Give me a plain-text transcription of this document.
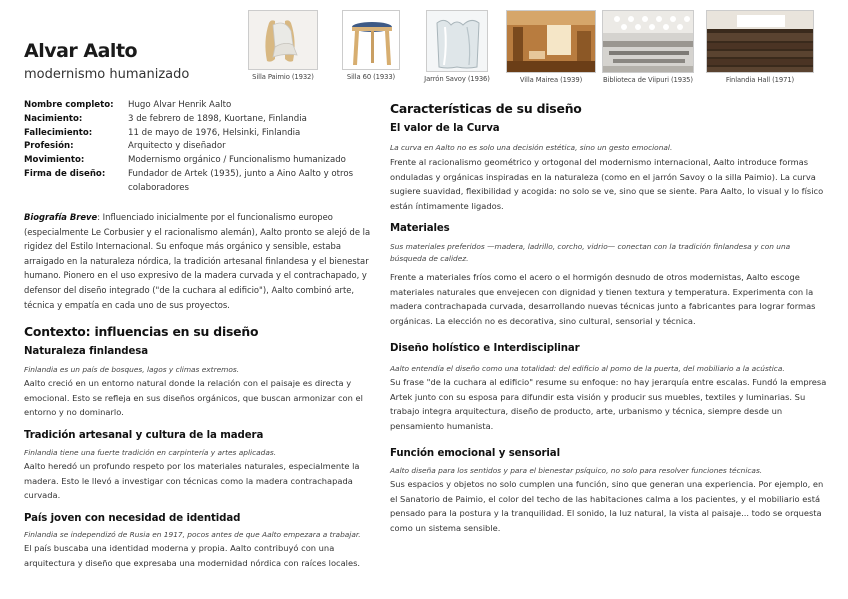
Alvar Aalto
modernismo humanizado	Silla Paimio (1932)	Silla 60 (1933)	Jarrón Savoy (1936)	Villa Mairea (1939)	Biblioteca de Viipuri (1935)	Finlandia Hall (1971)
Nombre completo:	Hugo Alvar Henrik Aalto
Nacimiento:	3 de febrero de 1898, Kuortane, Finlandia
Fallecimiento:	11 de mayo de 1976, Helsinki, Finlandia
Profesión:	Arquitecto y diseñador
Movimiento:	Modernismo orgánico / Funcionalismo humanizado
Firma de diseño:	Fundador de Artek (1935), junto a Aino Aalto y otros colaboradores
Biografía Breve: Influenciado inicialmente por el funcionalismo europeo (especialmente Le Corbusier y el racionalismo alemán), Aalto pronto se alejó de la rigidez del Estilo Internacional. Su enfoque más orgánico y sensible, estaba arraigado en la naturaleza nórdica, la tradición artesanal finlandesa y el bienestar humano. Pionero en el uso expresivo de la madera curvada y el contrachapado, y defensor del diseño integrado ("de la cuchara al edificio"), Aalto combinó arte, técnica y empatía en cada uno de sus proyectos.
Contexto: influencias en su diseño
Naturaleza finlandesa
Finlandia es un país de bosques, lagos y climas extremos.
Aalto creció en un entorno natural donde la relación con el paisaje es directa y emocional. Esto se refleja en sus diseños orgánicos, que buscan armonizar con el entorno y no dominarlo.
Tradición artesanal y cultura de la madera
Finlandia tiene una fuerte tradición en carpintería y artes aplicadas.
Aalto heredó un profundo respeto por los materiales naturales, especialmente la madera. Esto le llevó a investigar con técnicas como la madera contrachapada curvada.
País joven con necesidad de identidad
Finlandia se independizó de Rusia en 1917, pocos antes de que Aalto empezara a trabajar.
El país buscaba una identidad moderna y propia. Aalto contribuyó con una arquitectura y diseño que expresaba una modernidad nórdica con raíces locales.
Características de su diseño
El valor de la Curva
La curva en Aalto no es solo una decisión estética, sino un gesto emocional.
Frente al racionalismo geométrico y ortogonal del modernismo internacional, Aalto introduce formas onduladas y orgánicas inspiradas en la naturaleza (como en el jarrón Savoy o la silla Paimio). La curva sugiere suavidad, flexibilidad y acogida: no solo se ve, sino que se siente. Para Aalto, lo visual y lo físico están íntimamente ligados.
Materiales
Sus materiales preferidos —madera, ladrillo, corcho, vidrio— conectan con la tradición finlandesa y con una búsqueda de calidez.
Frente a materiales fríos como el acero o el hormigón desnudo de otros modernistas, Aalto escoge materiales naturales que envejecen con dignidad y tienen textura y temperatura. Experimenta con la madera contrachapada curvada, desarrollando nuevas técnicas junto a fabricantes para lograr formas orgánicas. La elección no es decorativa, sino cultural, sensorial y técnica.
Diseño holístico e Interdisciplinar
Aalto entendía el diseño como una totalidad: del edificio al pomo de la puerta, del mobiliario a la acústica.
Su frase "de la cuchara al edificio" resume su enfoque: no hay jerarquía entre escalas. Fundó la empresa Artek junto con su esposa para difundir esta visión y producir sus muebles, textiles y luminarias. Su trabajo integra arquitectura, diseño de producto, arte, urbanismo y técnica, siempre desde un pensamiento humanista.
Función emocional y sensorial
Aalto diseña para los sentidos y para el bienestar psíquico, no solo para resolver funciones técnicas.
Sus espacios y objetos no solo cumplen una función, sino que generan una experiencia. Por ejemplo, en el Sanatorio de Paimio, el color del techo de las habitaciones calma a los pacientes, y el mobiliario está pensado para la postura y la tranquilidad. El sonido, la luz natural, la vista al paisaje... todo se orquesta como un sistema sensible.
